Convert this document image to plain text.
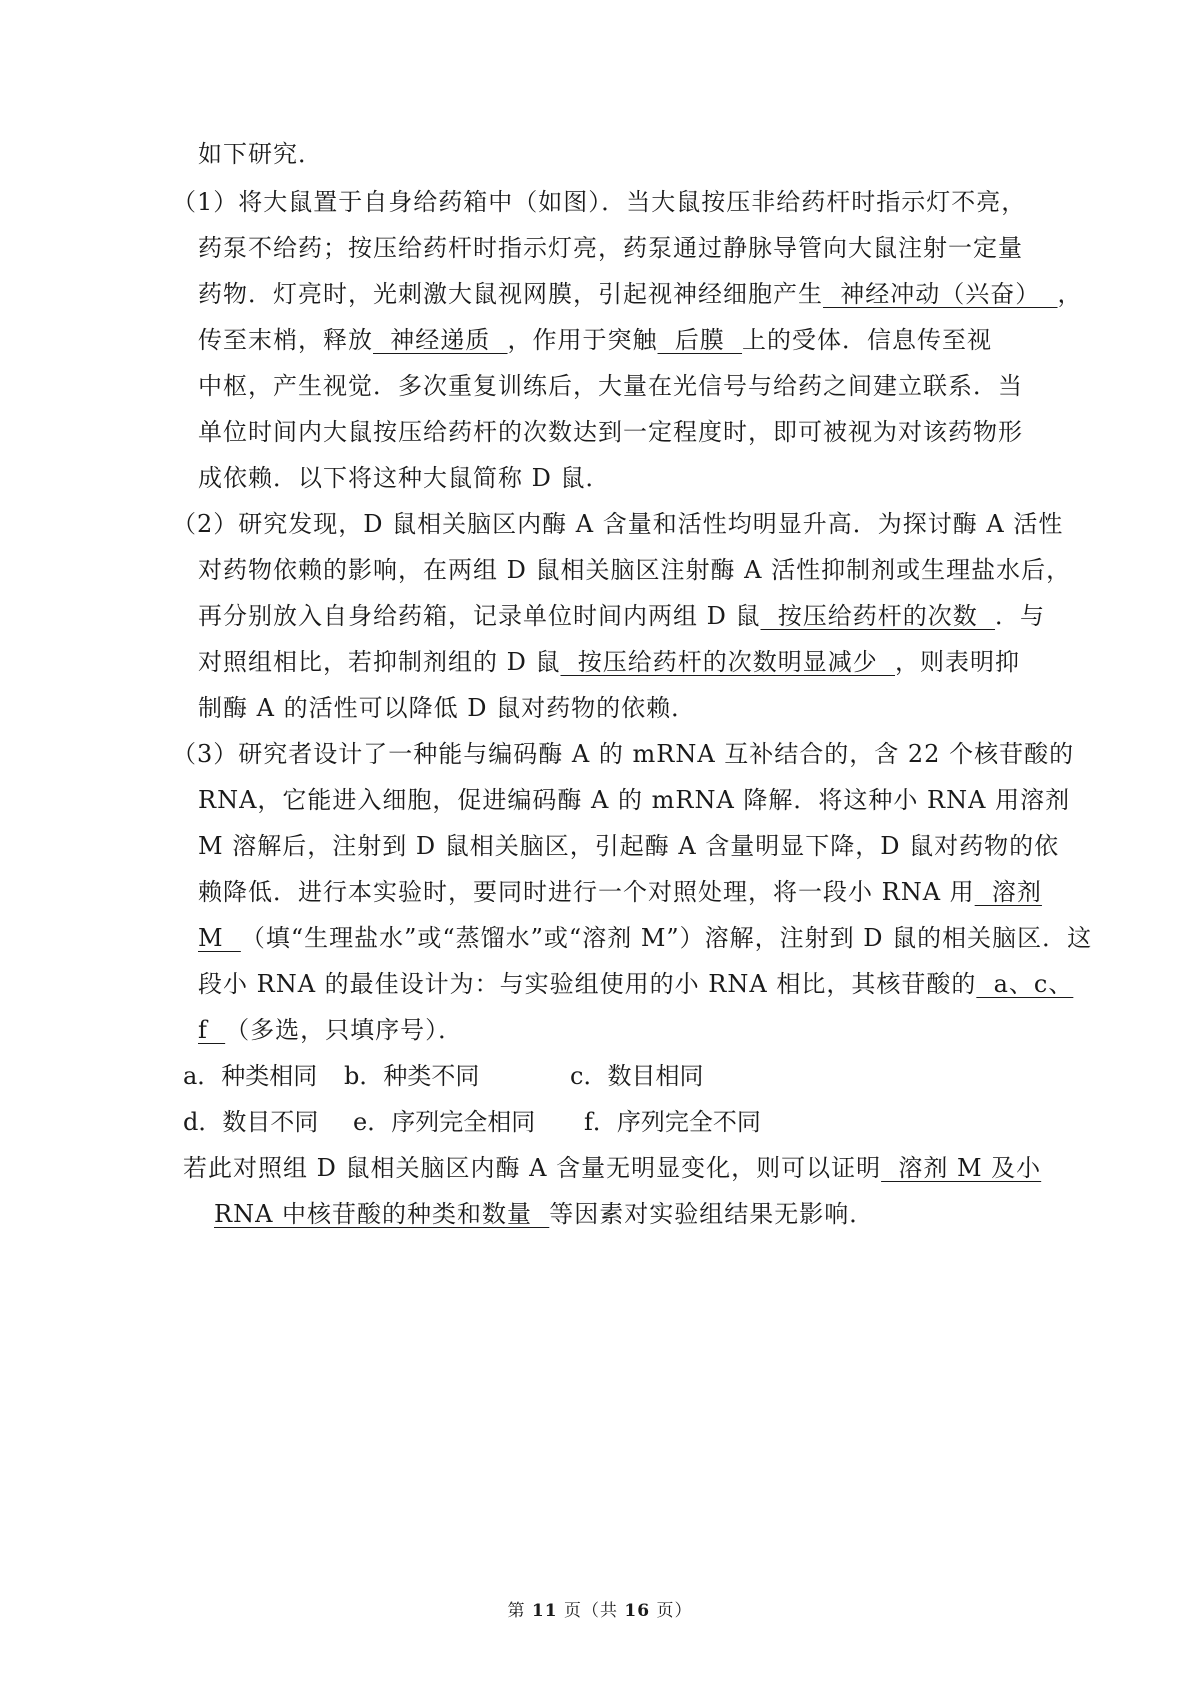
如下研究．
（1）将大鼠置于自身给药箱中（如图）．当大鼠按压非给药杆时指示灯不亮，
药泵不给药；按压给药杆时指示灯亮，药泵通过静脉导管向大鼠注射一定量
药物．灯亮时，光刺激大鼠视网膜，引起视神经细胞产生  神经冲动（兴奋）  ，
传至末梢，释放  神经递质  ，作用于突触  后膜  上的受体．信息传至视
中枢，产生视觉．多次重复训练后，大量在光信号与给药之间建立联系．当
单位时间内大鼠按压给药杆的次数达到一定程度时，即可被视为对该药物形
成依赖．以下将这种大鼠简称 D 鼠．
（2）研究发现，D 鼠相关脑区内酶 A 含量和活性均明显升高．为探讨酶 A 活性
对药物依赖的影响，在两组 D 鼠相关脑区注射酶 A 活性抑制剂或生理盐水后，
再分别放入自身给药箱，记录单位时间内两组 D 鼠  按压给药杆的次数  ．与
对照组相比，若抑制剂组的 D 鼠  按压给药杆的次数明显减少  ，则表明抑
制酶 A 的活性可以降低 D 鼠对药物的依赖．
（3）研究者设计了一种能与编码酶 A 的 mRNA 互补结合的，含 22 个核苷酸的
RNA，它能进入细胞，促进编码酶 A 的 mRNA 降解．将这种小 RNA 用溶剂
M 溶解后，注射到 D 鼠相关脑区，引起酶 A 含量明显下降，D 鼠对药物的依
赖降低．进行本实验时，要同时进行一个对照处理，将一段小 RNA 用  溶剂
M  （填“生理盐水”或“蒸馏水”或“溶剂 M”）溶解，注射到 D 鼠的相关脑区．这
段小 RNA 的最佳设计为：与实验组使用的小 RNA 相比，其核苷酸的  a、c、
f  （多选，只填序号）．
a．种类相同 b．种类不同	c．数目相同
d．数目不同 e．序列完全相同 f．序列完全不同
若此对照组 D 鼠相关脑区内酶 A 含量无明显变化，则可以证明  溶剂 M 及小
RNA 中核苷酸的种类和数量  等因素对实验组结果无影响．
第 11 页（共 16 页）
